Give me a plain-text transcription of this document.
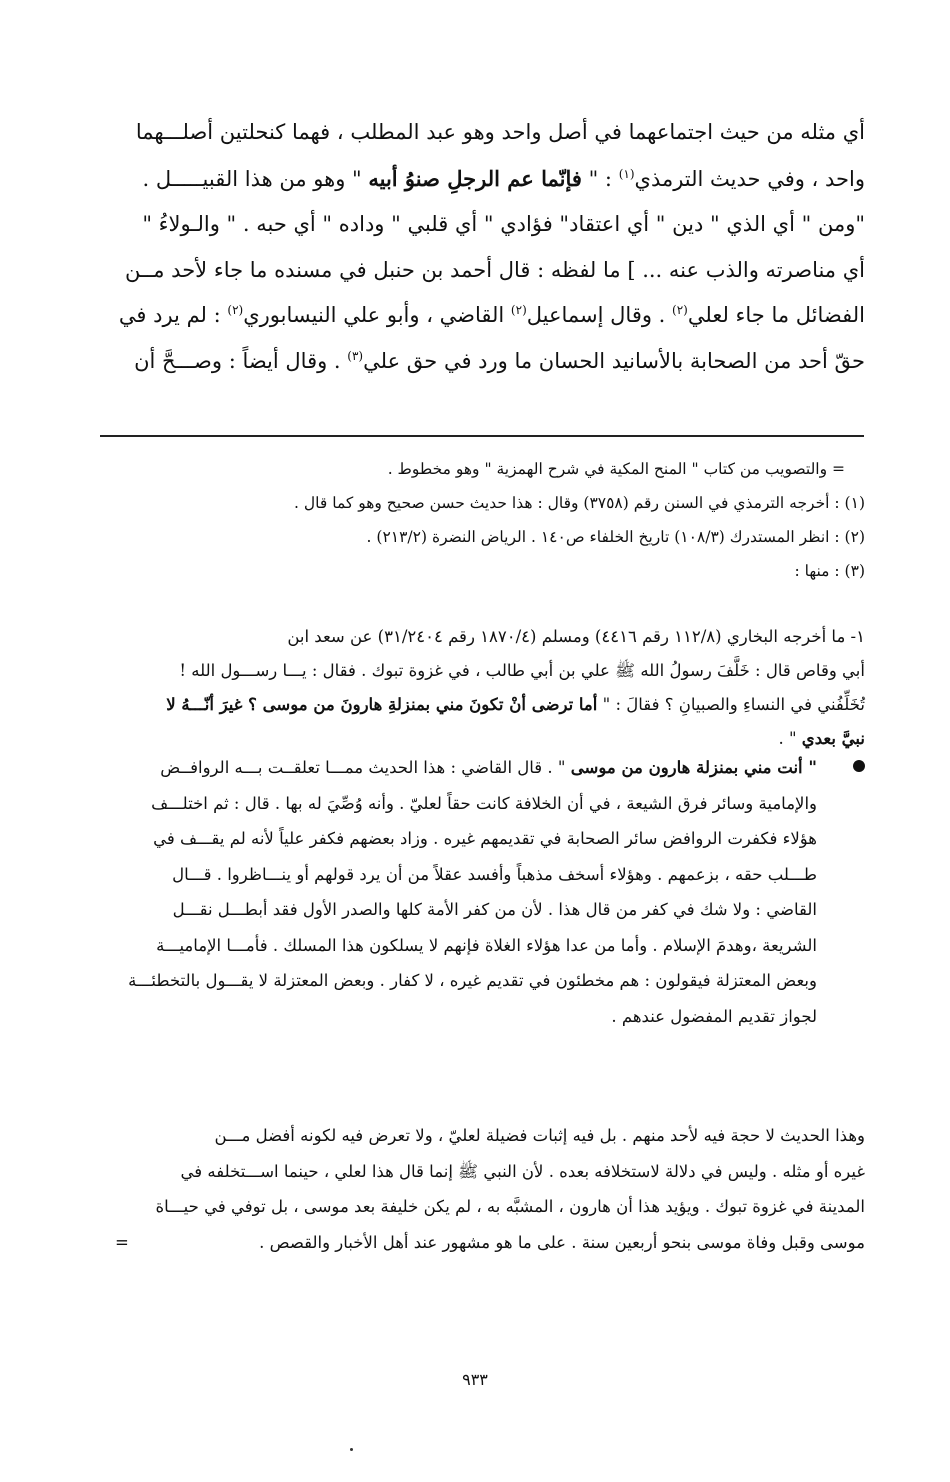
أي مثله من حيث اجتماعهما في أصل واحد وهو عبد المطلب ، فهما كنحلتين أصلـــهما

واحد ، وفي حديث الترمذي$^{(١)}$ : " فإنّما عم الرجلِ صنوُ أبيه " وهو من هذا القبيـــــل .

"ومن " أي الذي " دين " أي اعتقاد" فؤادي " أي قلبي " وداده " أي حبه . " والـولاءُ "

أي مناصرته والذب عنه ... ] ما لفظه : قال أحمد بن حنبل في مسنده ما جاء لأحد مــن

الفضائل ما جاء لعلي$^{(٢)}$ . وقال إسماعيل$^{(٢)}$ القاضي ، وأبو علي النيسابوري$^{(٢)}$ : لم يرد في

حقّ أحد من الصحابة بالأسانيد الحسان ما ورد في حق علي$^{(٣)}$ . وقال أيضاً : وصـــحَّ أن

= والتصويب من كتاب " المنح المكية في شرح الهمزية " وهو مخطوط .

(١) : أخرجه الترمذي في السنن رقم (٣٧٥٨) وقال : هذا حديث حسن صحيح وهو كما قال .

(٢) : انظر المستدرك (١٠٨/٣) تاريخ الخلفاء ص١٤٠ . الرياض النضرة (٢١٣/٢) .

(٣) : منها :

١- ما أخرجه البخاري (١١٢/٨ رقم ٤٤١٦) ومسلم (١٨٧٠/٤ رقم ٣١/٢٤٠٤) عن سعد ابن

أبي وقاص قال : خَلَّفَ رسولُ الله ﷺ علي بن أبي طالب ، في غزوة تبوك . فقال : يـــا رســـول الله !

تُخَلِّفُني في النساءِ والصبيانِ ؟ فقالَ : " أما ترضى أنْ تكونَ مني بمنزلةِ هارونَ من موسى ؟ غيرَ أنّـــهُ لا

نبيَّ بعدي " .

" أنت مني بمنزلة هارون من موسى " . قال القاضي : هذا الحديث ممـــا تعلقــت بـــه الروافــض

والإمامية وسائر فرق الشيعة ، في أن الخلافة كانت حقاً لعليّ . وأنه وُصِّيَ له بها . قال : ثم اختلـــف

هؤلاء فكفرت الروافض سائر الصحابة في تقديمهم غيره . وزاد بعضهم فكفر علياً لأنه لم يقـــف في

طـــلب حقه ، بزعمهم . وهؤلاء أسخف مذهباً وأفسد عقلاً من أن يرد قولهم أو ينـــاظروا . قـــال

القاضي : ولا شك في كفر من قال هذا . لأن من كفر الأمة كلها والصدر الأول فقد أبطـــل نقـــل

الشريعة ،وهدمَ الإسلام . وأما من عدا هؤلاء الغلاة فإنهم لا يسلكون هذا المسلك . فأمـــا الإماميـــة

وبعض المعتزلة فيقولون : هم مخطئون في تقديم غيره ، لا كفار . وبعض المعتزلة لا يقـــول بالتخطئـــة

لجواز تقديم المفضول عندهم .

وهذا الحديث لا حجة فيه لأحد منهم . بل فيه إثبات فضيلة لعليّ ، ولا تعرض فيه لكونه أفضل مـــن

غيره أو مثله . وليس في دلالة لاستخلافه بعده . لأن النبي ﷺ إنما قال هذا لعلي ، حينما اســـتخلفه في

المدينة في غزوة تبوك . ويؤيد هذا أن هارون ، المشبَّه به ، لم يكن خليفة بعد موسى ، بل توفي في حيـــاة

موسى وقبل وفاة موسى بنحو أربعين سنة . على ما هو مشهور عند أهل الأخبار والقصص .
=

٩٣٣
